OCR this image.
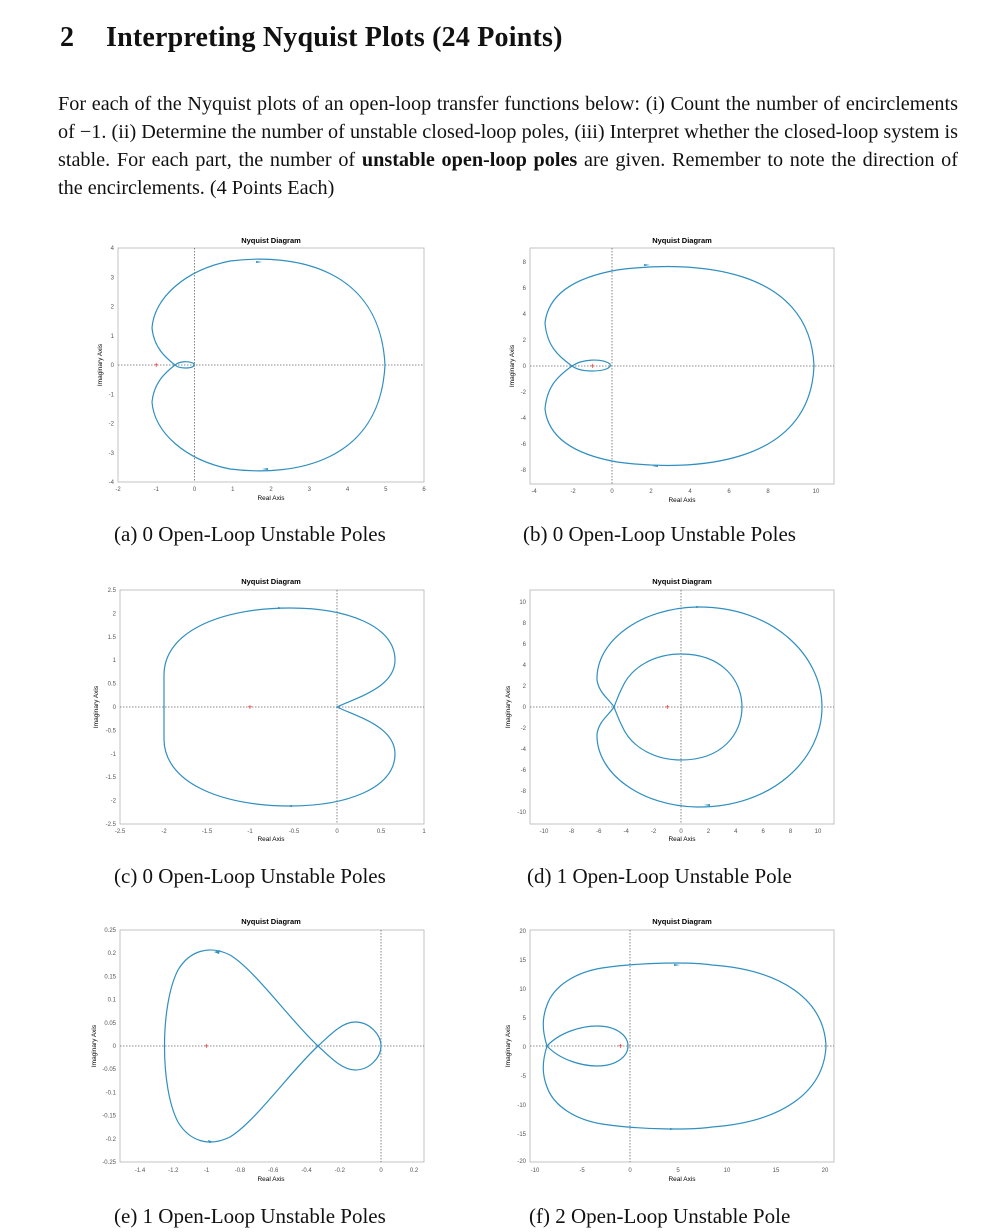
2 Interpreting Nyquist Plots (24 Points)
For each of the Nyquist plots of an open-loop transfer functions below: (i) Count the number of encirclements of −1. (ii) Determine the number of unstable closed-loop poles, (iii) Interpret whether the closed-loop system is stable. For each part, the number of unstable open-loop poles are given. Remember to note the direction of the encirclements. (4 Points Each)
Nyquist Diagram
-2	-1	0	1	2	3	4	5	6
4
3
2
1
0
-1
-2
-3
-4
Real Axis
Imaginary Axis	+
(a) 0 Open-Loop Unstable Poles
Nyquist Diagram
-4	-2	0	2	4	6	8	10
8
6
4
2
0
-2
-4
-6
-8
Real Axis
Imaginary Axis	+
(b) 0 Open-Loop Unstable Poles
Nyquist Diagram
-2.5	-2	-1.5	-1	-0.5	0	0.5	1
2.5
2
1.5
1
0.5
0
-0.5
-1
-1.5
-2
-2.5
Real Axis
Imaginary Axis	+
(c) 0 Open-Loop Unstable Poles
Nyquist Diagram
-10	-8	-6	-4	-2	0	2	4	6	8	10
10
8
6
4
2
0
-2
-4
-6
-8
-10
Real Axis
Imaginary Axis	+
(d) 1 Open-Loop Unstable Pole
Nyquist Diagram
-1.4	-1.2	-1	-0.8	-0.6	-0.4	-0.2	0	0.2
0.25
0.2
0.15
0.1
0.05
0
-0.05
-0.1
-0.15
-0.2
-0.25
Real Axis
Imaginary Axis	+
(e) 1 Open-Loop Unstable Poles
Nyquist Diagram
-10	-5	0	5	10	15	20
20
15
10
5
0
-5
-10
-15
-20
Real Axis
Imaginary Axis	+
(f) 2 Open-Loop Unstable Pole
